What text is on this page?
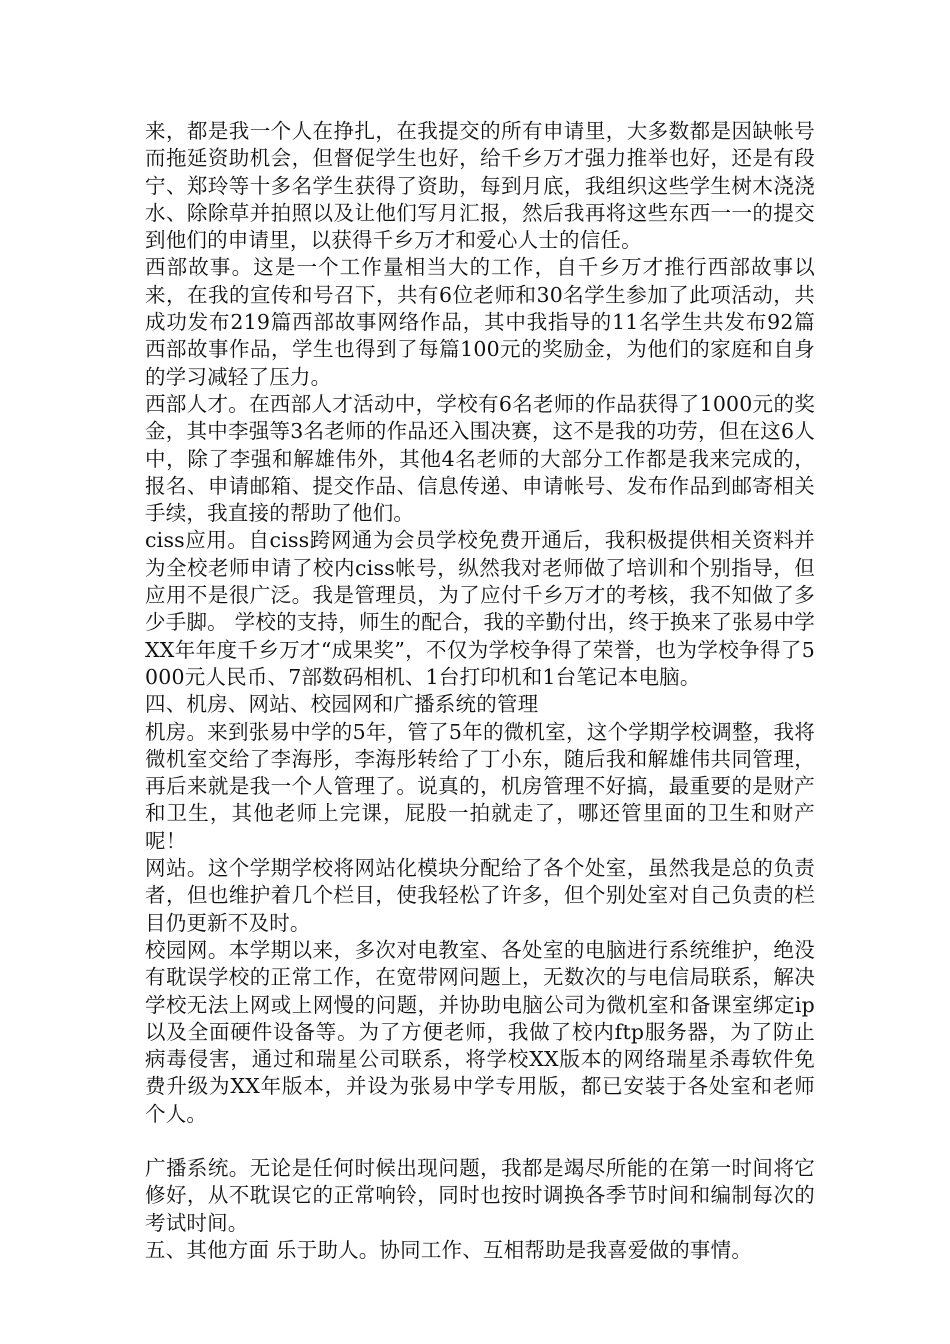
来，都是我一个人在挣扎，在我提交的所有申请里，大多数都是因缺帐号而拖延资助机会，但督促学生也好，给千乡万才强力推举也好，还是有段宁、郑玲等十多名学生获得了资助，每到月底，我组织这些学生树木浇浇水、除除草并拍照以及让他们写月汇报，然后我再将这些东西一一的提交到他们的申请里，以获得千乡万才和爱心人士的信任。

西部故事。这是一个工作量相当大的工作，自千乡万才推行西部故事以来，在我的宣传和号召下，共有6位老师和30名学生参加了此项活动，共成功发布219篇西部故事网络作品，其中我指导的11名学生共发布92篇西部故事作品，学生也得到了每篇100元的奖励金，为他们的家庭和自身的学习减轻了压力。

西部人才。在西部人才活动中，学校有6名老师的作品获得了1000元的奖金，其中李强等3名老师的作品还入围决赛，这不是我的功劳，但在这6人中，除了李强和解雄伟外，其他4名老师的大部分工作都是我来完成的，报名、申请邮箱、提交作品、信息传递、申请帐号、发布作品到邮寄相关手续，我直接的帮助了他们。

ciss应用。自ciss跨网通为会员学校免费开通后，我积极提供相关资料并为全校老师申请了校内ciss帐号，纵然我对老师做了培训和个别指导，但应用不是很广泛。我是管理员，为了应付千乡万才的考核，我不知做了多少手脚。 学校的支持，师生的配合，我的辛勤付出，终于换来了张易中学XX年年度千乡万才“成果奖”，不仅为学校争得了荣誉，也为学校争得了5000元人民币、7部数码相机、1台打印机和1台笔记本电脑。

四、机房、网站、校园网和广播系统的管理

机房。来到张易中学的5年，管了5年的微机室，这个学期学校调整，我将微机室交给了李海彤，李海彤转给了丁小东，随后我和解雄伟共同管理，再后来就是我一个人管理了。说真的，机房管理不好搞，最重要的是财产和卫生，其他老师上完课，屁股一拍就走了，哪还管里面的卫生和财产呢！

网站。这个学期学校将网站化模块分配给了各个处室，虽然我是总的负责者，但也维护着几个栏目，使我轻松了许多，但个别处室对自己负责的栏目仍更新不及时。

校园网。本学期以来，多次对电教室、各处室的电脑进行系统维护，绝没有耽误学校的正常工作，在宽带网问题上，无数次的与电信局联系，解决学校无法上网或上网慢的问题，并协助电脑公司为微机室和备课室绑定ip以及全面硬件设备等。为了方便老师，我做了校内ftp服务器，为了防止病毒侵害，通过和瑞星公司联系，将学校XX版本的网络瑞星杀毒软件免费升级为XX年版本，并设为张易中学专用版，都已安装于各处室和老师个人。

广播系统。无论是任何时候出现问题，我都是竭尽所能的在第一时间将它修好，从不耽误它的正常响铃，同时也按时调换各季节时间和编制每次的考试时间。

五、其他方面 乐于助人。协同工作、互相帮助是我喜爱做的事情。
